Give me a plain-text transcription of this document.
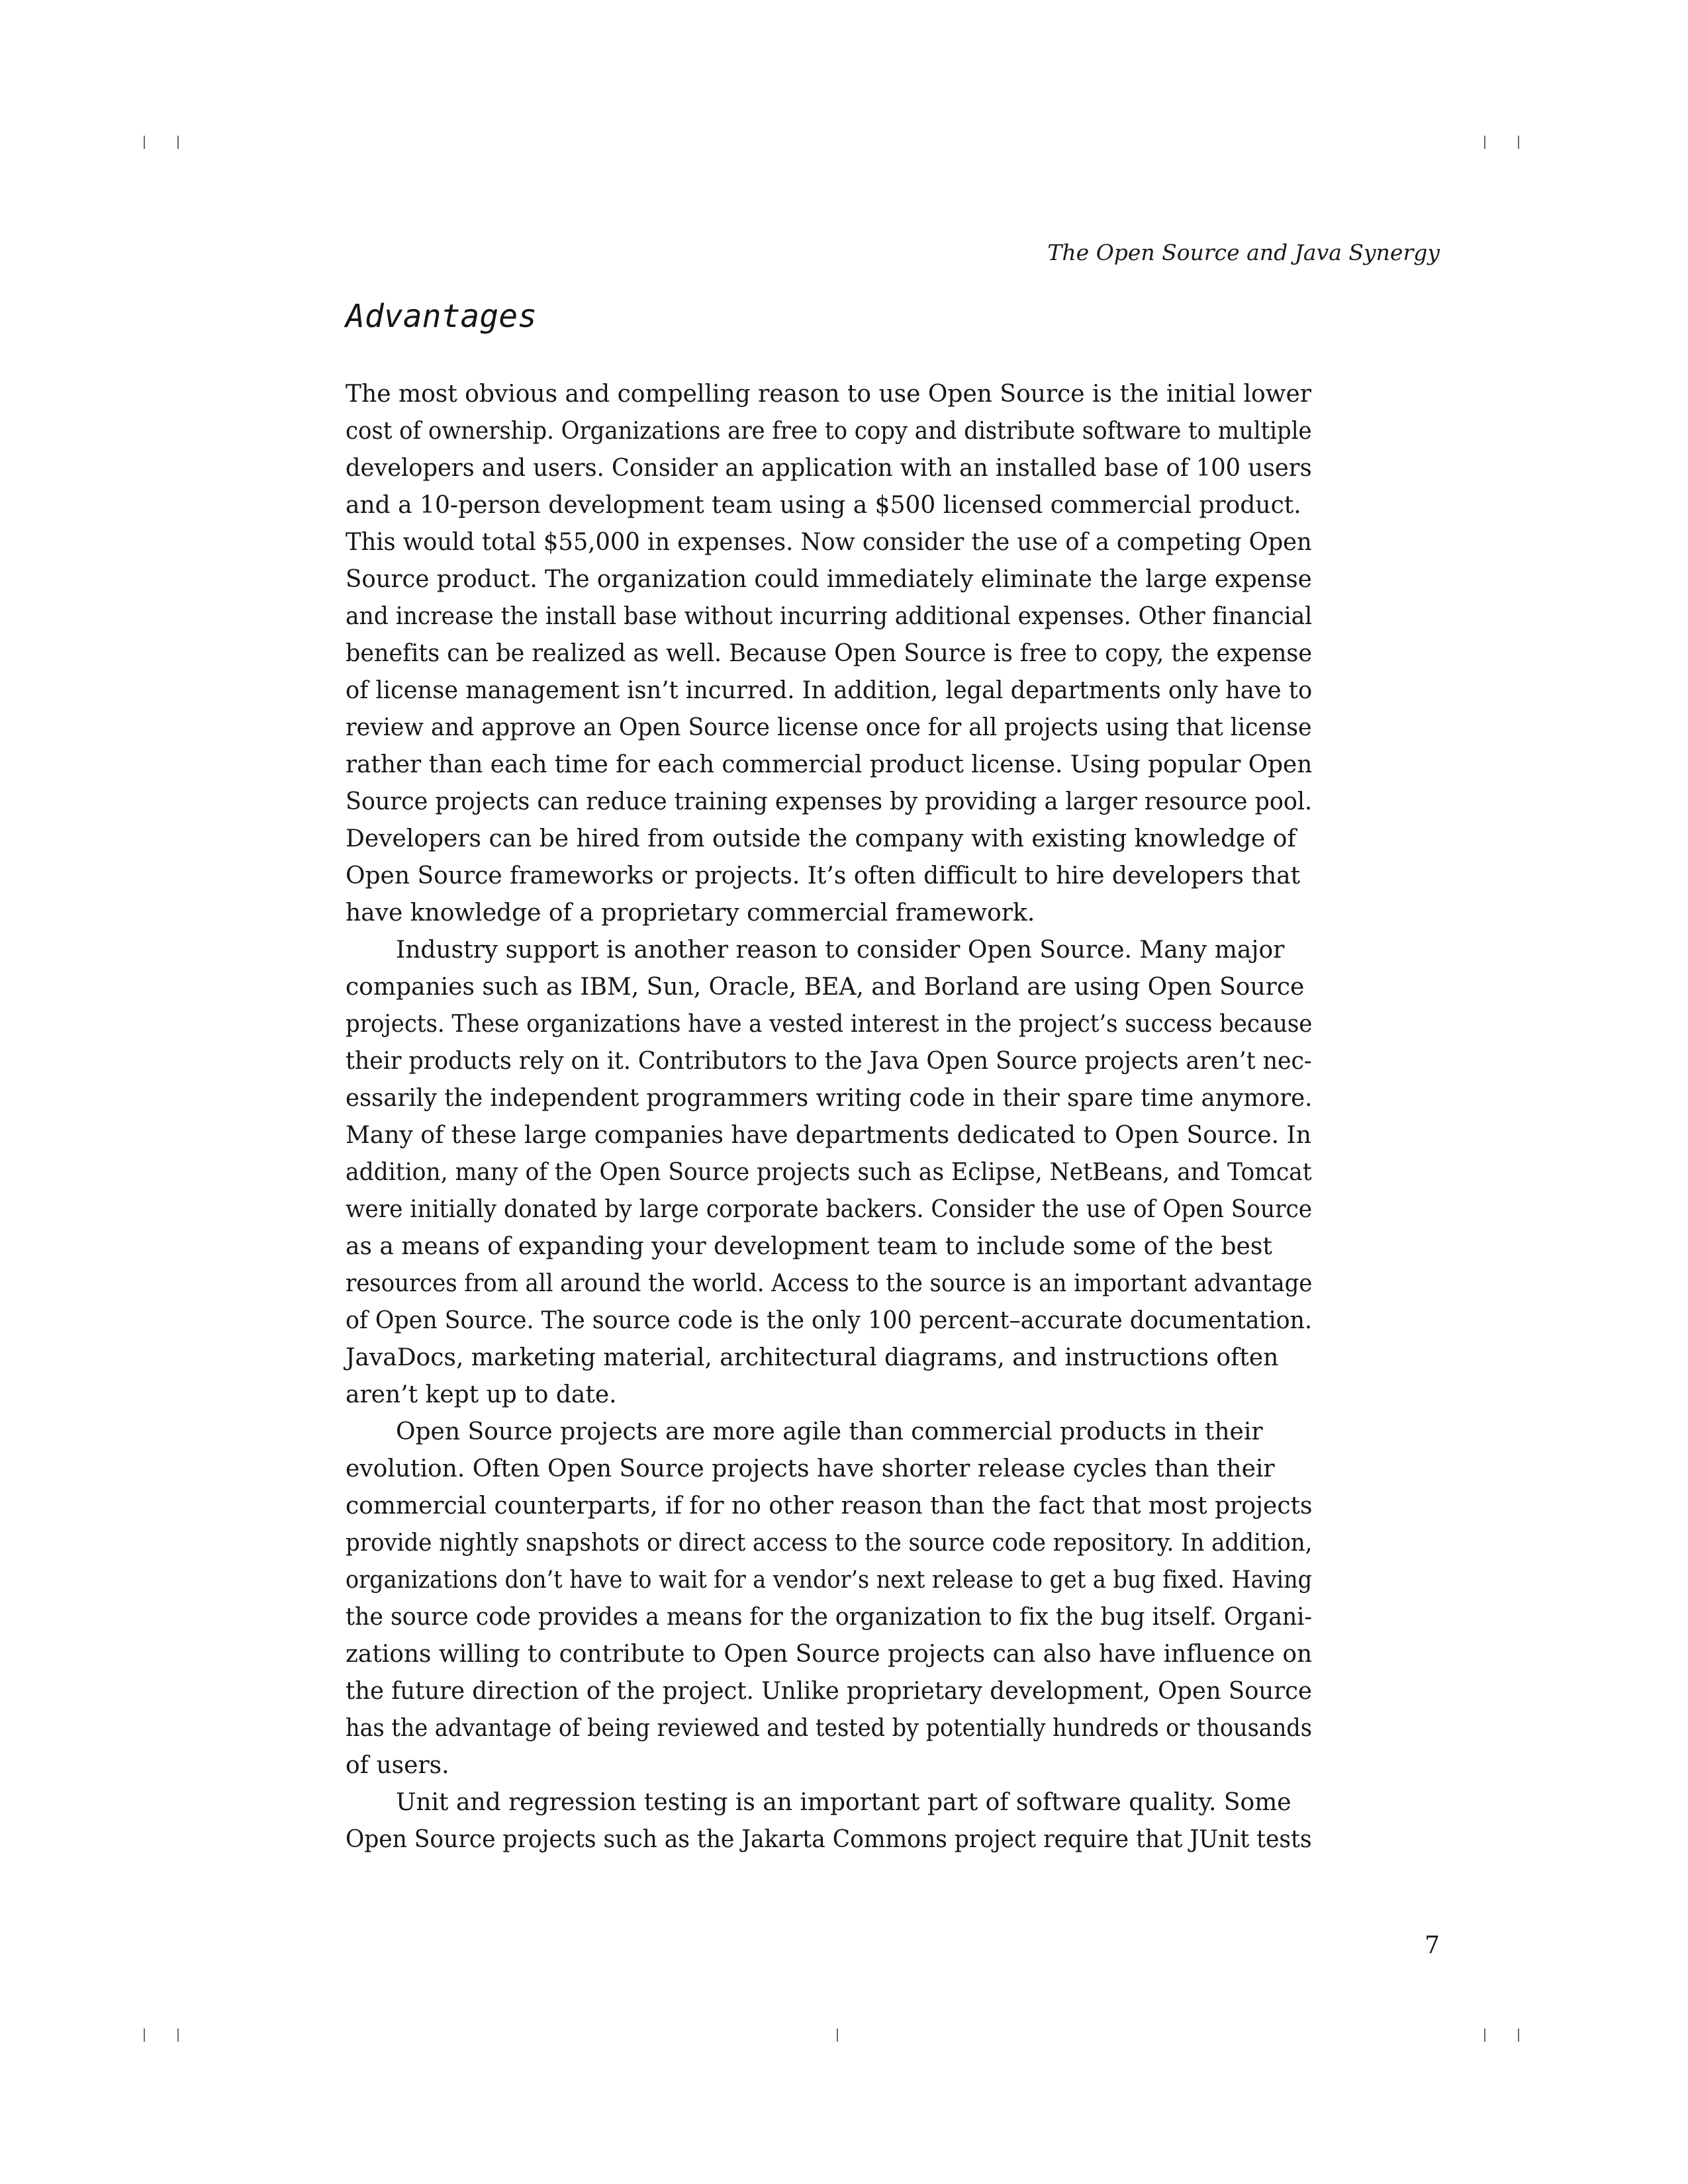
The Open Source and Java Synergy
Advantages

The most obvious and compelling reason to use Open Source is the initial lower
cost of ownership. Organizations are free to copy and distribute software to multiple
developers and users. Consider an application with an installed base of 100 users
and a 10-person development team using a $500 licensed commercial product.
This would total $55,000 in expenses. Now consider the use of a competing Open
Source product. The organization could immediately eliminate the large expense
and increase the install base without incurring additional expenses. Other financial
benefits can be realized as well. Because Open Source is free to copy, the expense
of license management isn’t incurred. In addition, legal departments only have to
review and approve an Open Source license once for all projects using that license
rather than each time for each commercial product license. Using popular Open
Source projects can reduce training expenses by providing a larger resource pool.
Developers can be hired from outside the company with existing knowledge of
Open Source frameworks or projects. It’s often difficult to hire developers that
have knowledge of a proprietary commercial framework.

Industry support is another reason to consider Open Source. Many major
companies such as IBM, Sun, Oracle, BEA, and Borland are using Open Source
projects. These organizations have a vested interest in the project’s success because
their products rely on it. Contributors to the Java Open Source projects aren’t nec-
essarily the independent programmers writing code in their spare time anymore.
Many of these large companies have departments dedicated to Open Source. In
addition, many of the Open Source projects such as Eclipse, NetBeans, and Tomcat
were initially donated by large corporate backers. Consider the use of Open Source
as a means of expanding your development team to include some of the best
resources from all around the world. Access to the source is an important advantage
of Open Source. The source code is the only 100 percent–accurate documentation.
JavaDocs, marketing material, architectural diagrams, and instructions often
aren’t kept up to date.

Open Source projects are more agile than commercial products in their
evolution. Often Open Source projects have shorter release cycles than their
commercial counterparts, if for no other reason than the fact that most projects
provide nightly snapshots or direct access to the source code repository. In addition,
organizations don’t have to wait for a vendor’s next release to get a bug fixed. Having
the source code provides a means for the organization to fix the bug itself. Organi-
zations willing to contribute to Open Source projects can also have influence on
the future direction of the project. Unlike proprietary development, Open Source
has the advantage of being reviewed and tested by potentially hundreds or thousands
of users.

Unit and regression testing is an important part of software quality. Some
Open Source projects such as the Jakarta Commons project require that JUnit tests

7
